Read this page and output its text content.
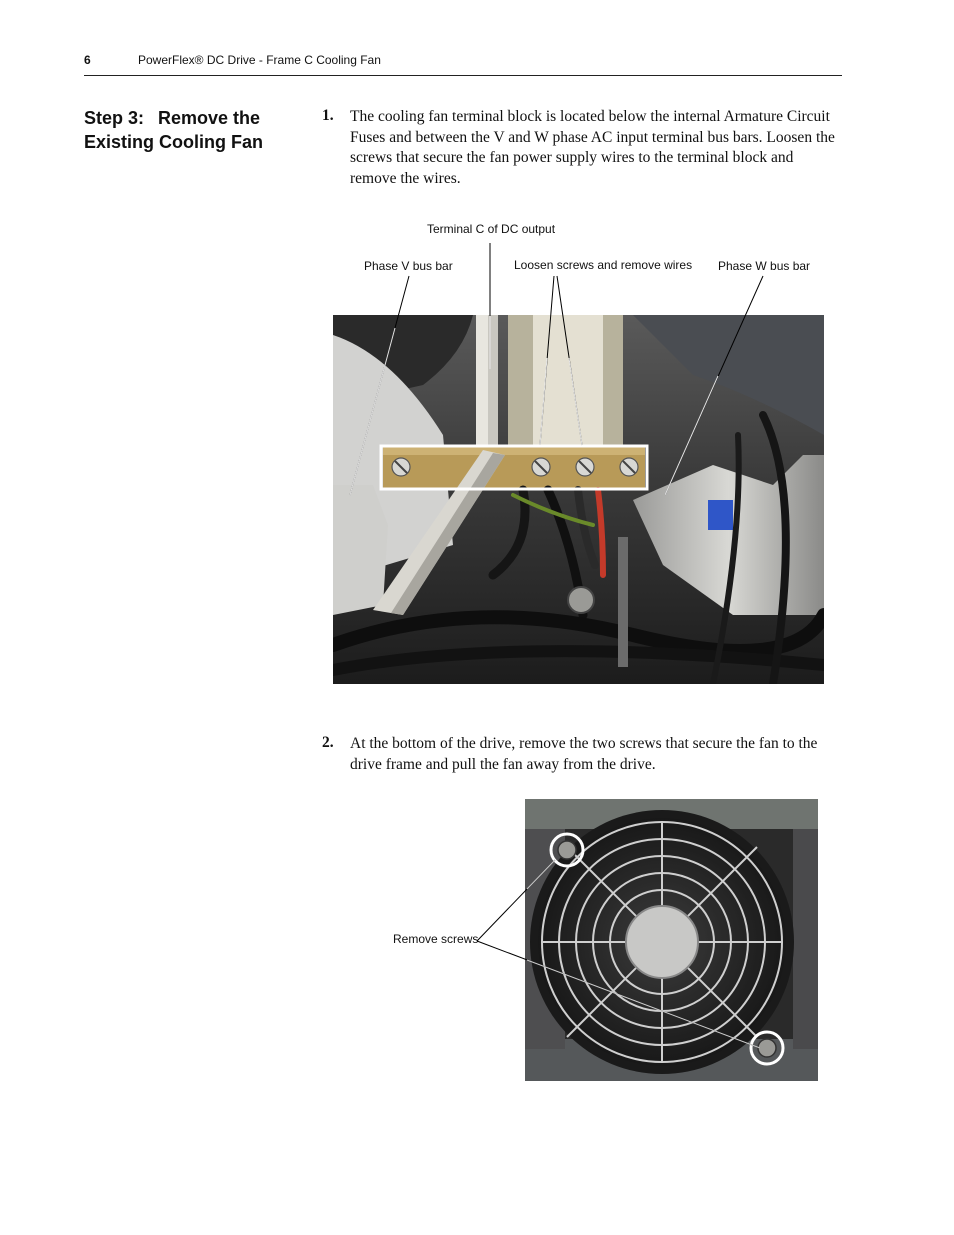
6	PowerFlex® DC Drive - Frame C Cooling Fan
Step 3: Remove the
Existing Cooling Fan
1. The cooling fan terminal block is located below the internal Armature Circuit Fuses and between the V and W phase AC input terminal bus bars. Loosen the screws that secure the fan power supply wires to the terminal block and remove the wires.
Terminal C of DC output
Phase V bus bar	Loosen screws and remove wires Phase W bus bar
2. At the bottom of the drive, remove the two screws that secure the fan to the drive frame and pull the fan away from the drive.
Remove screws
